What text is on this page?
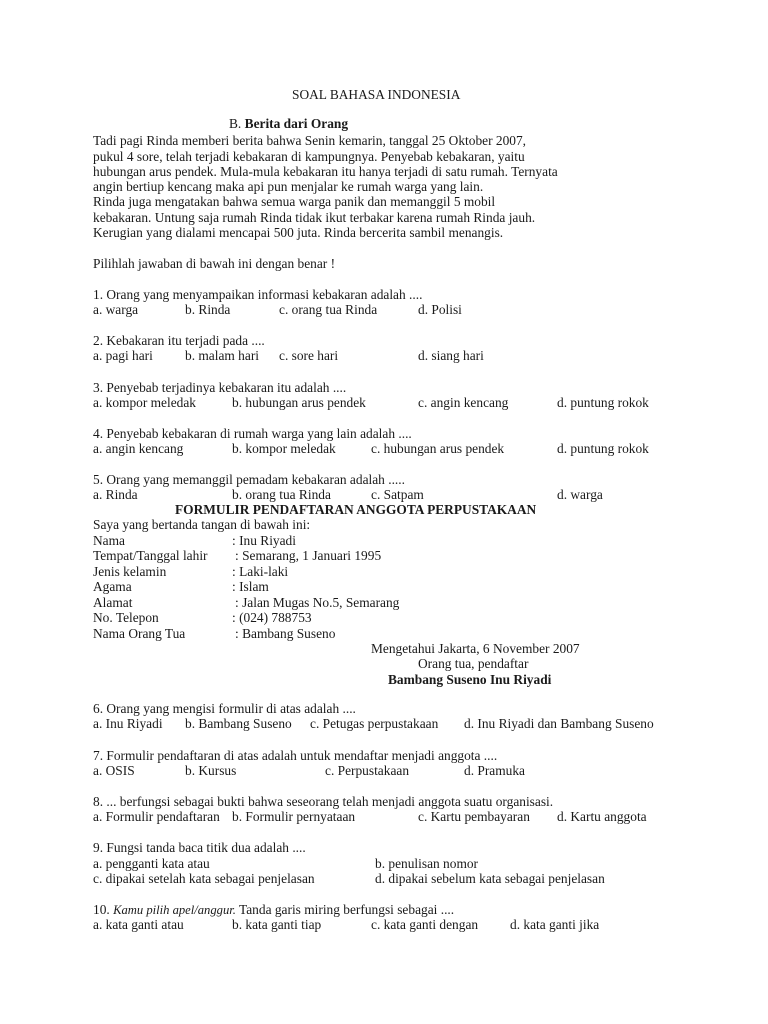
SOAL BAHASA INDONESIA
B. Berita dari Orang
Tadi pagi Rinda memberi berita bahwa Senin kemarin, tanggal 25 Oktober 2007,
pukul 4 sore, telah terjadi kebakaran di kampungnya. Penyebab kebakaran, yaitu
hubungan arus pendek. Mula-mula kebakaran itu hanya terjadi di satu rumah. Ternyata
angin bertiup kencang maka api pun menjalar ke rumah warga yang lain.
Rinda juga mengatakan bahwa semua warga panik dan memanggil 5 mobil
kebakaran. Untung saja rumah Rinda tidak ikut terbakar karena rumah Rinda jauh.
Kerugian yang dialami mencapai 500 juta. Rinda bercerita sambil menangis.
Pilihlah jawaban di bawah ini dengan benar !
1. Orang yang menyampaikan informasi kebakaran adalah ....
a. warga	b. Rinda	c. orang tua Rinda	d. Polisi
2. Kebakaran itu terjadi pada ....
a. pagi hari b. malam hari c. sore hari	d. siang hari
3. Penyebab terjadinya kebakaran itu adalah ....
a. kompor meledak	b. hubungan arus pendek	c. angin kencang	d. puntung rokok
4. Penyebab kebakaran di rumah warga yang lain adalah ....
a. angin kencang	b. kompor meledak	c. hubungan arus pendek	d. puntung rokok
5. Orang yang memanggil pemadam kebakaran adalah .....
a. Rinda	b. orang tua Rinda	c. Satpam	d. warga
FORMULIR PENDAFTARAN ANGGOTA PERPUSTAKAAN
Saya yang bertanda tangan di bawah ini:
Nama	: Inu Riyadi
Tempat/Tanggal lahir : Semarang, 1 Januari 1995
Jenis kelamin	: Laki-laki
Agama	: Islam
Alamat	: Jalan Mugas No.5, Semarang
No. Telepon	: (024) 788753
Nama Orang Tua	: Bambang Suseno
Mengetahui Jakarta, 6 November 2007
Orang tua, pendaftar
Bambang Suseno Inu Riyadi
6. Orang yang mengisi formulir di atas adalah ....
a. Inu Riyadi b. Bambang Suseno c. Petugas perpustakaan d. Inu Riyadi dan Bambang Suseno
7. Formulir pendaftaran di atas adalah untuk mendaftar menjadi anggota ....
a. OSIS	b. Kursus	c. Perpustakaan	d. Pramuka
8. ... berfungsi sebagai bukti bahwa seseorang telah menjadi anggota suatu organisasi.
a. Formulir pendaftaran b. Formulir pernyataan	c. Kartu pembayaran d. Kartu anggota
9. Fungsi tanda baca titik dua adalah ....
a. pengganti kata atau	b. penulisan nomor
c. dipakai setelah kata sebagai penjelasan	d. dipakai sebelum kata sebagai penjelasan
10. Kamu pilih apel/anggur. Tanda garis miring berfungsi sebagai ....
a. kata ganti atau	b. kata ganti tiap	c. kata ganti dengan d. kata ganti jika
